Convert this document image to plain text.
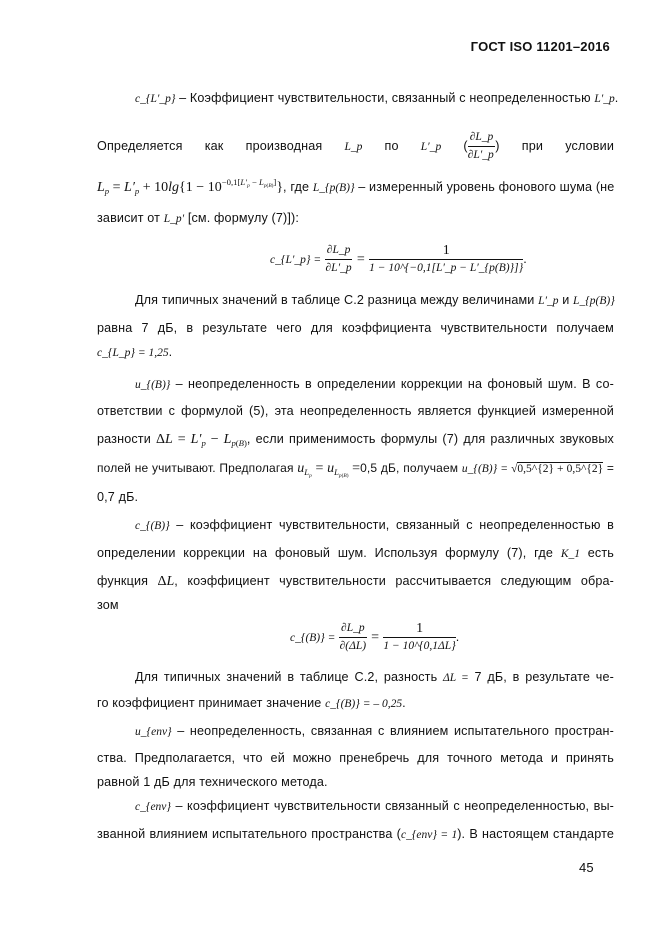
ГОСТ ISO 11201–2016
c_{L′_p} – Коэффициент чувствительности, связанный с неопределенностью L′_p.
Определяется как производная L_p по L′_p ( $\frac{\partial L\_p}{\partial L'\_p}$ ) при условии
$L_p = L'_p + 10\lg\{1 - 10^{-0,1[L'_p - L_{p(B)}]}\}$, где L_{p(B)} – измеренный уровень фонового шума (не
зависит от L_p′ [см. формулу (7)]):
c_{L′_p} = $\frac{\partial L\_p}{\partial L'\_p} = \frac{1}{1 - 10\^{}\{-0,1[L'\_p - L'\_\{p(B)\}]\}}$ .
Для типичных значений в таблице С.2 разница между величинами L′_p и L_{p(B)}
равна 7 дБ, в результате чего для коэффициента чувствительности получаем
c_{L_p} = 1,25.
u_{(B)} – неопределенность в определении коррекции на фоновый шум. В со-
ответствии с формулой (5), эта неопределенность является функцией измеренной
разности $\Delta L = L'_p - L_{p(B)}$, если применимость формулы (7) для различных звуковых
полей не учитывают. Предполагая $u_{L_p} = u_{L_{p(B)}} =0,5$ дБ, получаем u_{(B)} = √0,5^{2} + 0,5^{2} =
0,7 дБ.
c_{(B)} – коэффициент чувствительности, связанный с неопределенностью в
определении коррекции на фоновый шум. Используя формулу (7), где K_1 есть
функция ΔL, коэффициент чувствительности рассчитывается следующим обра-
зом
c_{(B)} = $\frac{\partial L\_p}{\partial(\Delta L)} = \frac{1}{1 - 10\^{}\{0,1\Delta L\}}$ .
Для типичных значений в таблице С.2, разность ΔL = 7 дБ, в результате че-
го коэффициент принимает значение c_{(B)} = – 0,25.
u_{env} – неопределенность, связанная с влиянием испытательного простран-
ства. Предполагается, что ей можно пренебречь для точного метода и принять
равной 1 дБ для технического метода.
c_{env} – коэффициент чувствительности связанный с неопределенностью, вы-
званной влиянием испытательного пространства (c_{env} = 1). В настоящем стандарте
45
